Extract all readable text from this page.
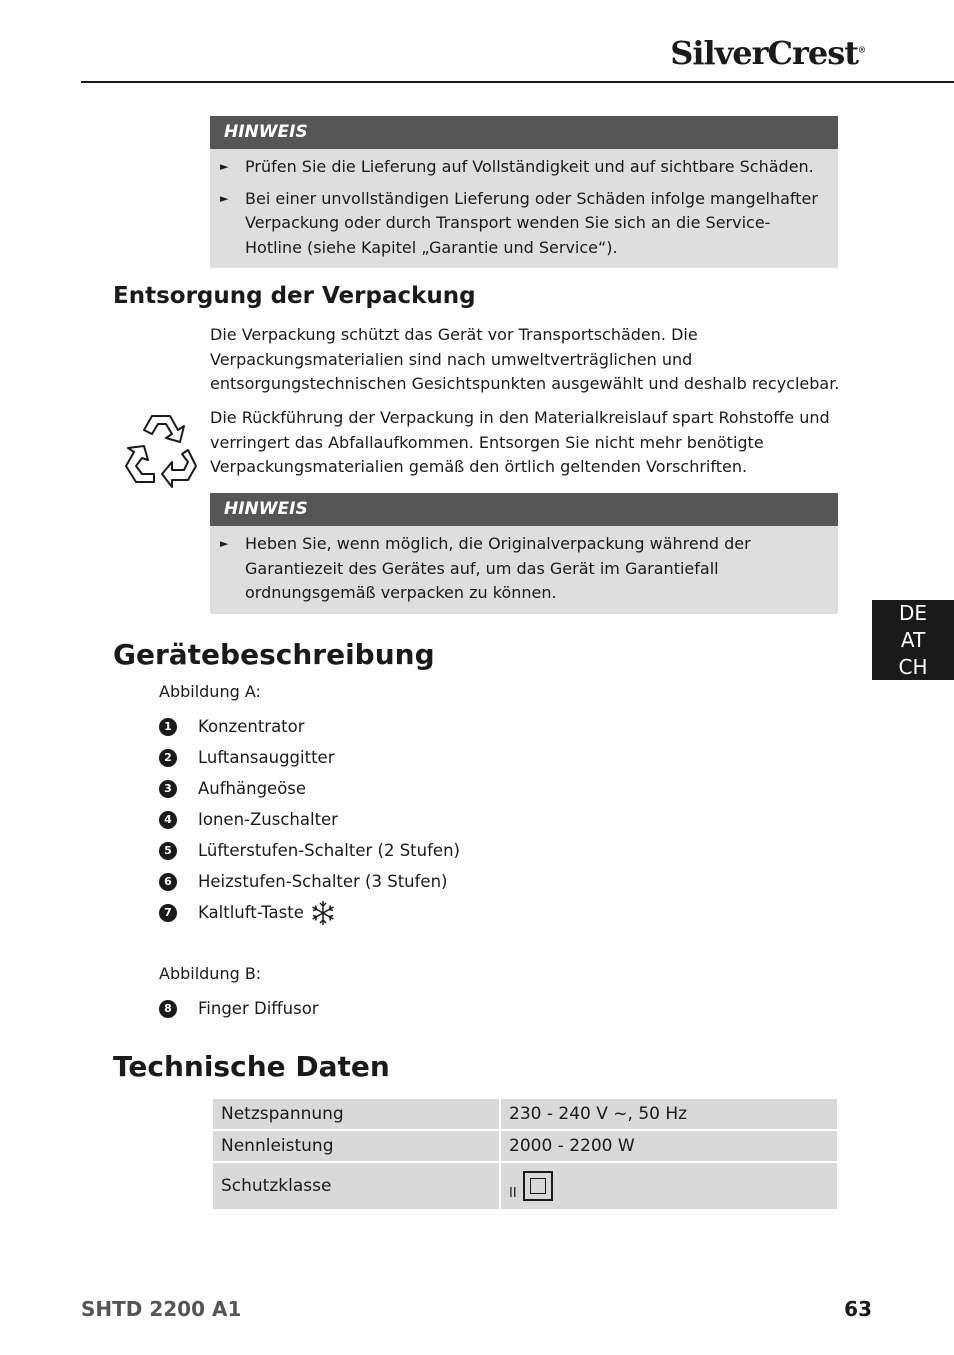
SilverCrest®
HINWEIS
►	Prüfen Sie die Lieferung auf Vollständigkeit und auf sichtbare Schäden.
►	Bei einer unvollständigen Lieferung oder Schäden infolge mangelhafter Verpackung oder durch Transport wenden Sie sich an die Service-Hotline (siehe Kapitel „Garantie und Service“).
Entsorgung der Verpackung

Die Verpackung schützt das Gerät vor Transportschäden. Die Verpackungsmaterialien sind nach umweltverträglichen und entsorgungstechnischen Gesichtspunkten ausgewählt und deshalb recyclebar.

Die Rückführung der Verpackung in den Materialkreislauf spart Rohstoffe und verringert das Abfallaufkommen. Entsorgen Sie nicht mehr benötigte Verpackungsmaterialien gemäß den örtlich geltenden Vorschriften.

HINWEIS
►	Heben Sie, wenn möglich, die Originalverpackung während der Garantiezeit des Gerätes auf, um das Gerät im Garantiefall ordnungsgemäß verpacken zu können.
Gerätebeschreibung
Abbildung A:
1	Konzentrator
2	Luftansauggitter
3	Aufhängeöse
4	Ionen-Zuschalter
5	Lüfterstufen-Schalter (2 Stufen)
6	Heizstufen-Schalter (3 Stufen)
7	Kaltluft-Taste
Abbildung B:
8	Finger Diffusor
Technische Daten
Netzspannung	230 - 240 V ~, 50 Hz
Nennleistung	2000 - 2200 W
Schutzklasse	II
DE
AT
CH
SHTD 2200 A1	63
